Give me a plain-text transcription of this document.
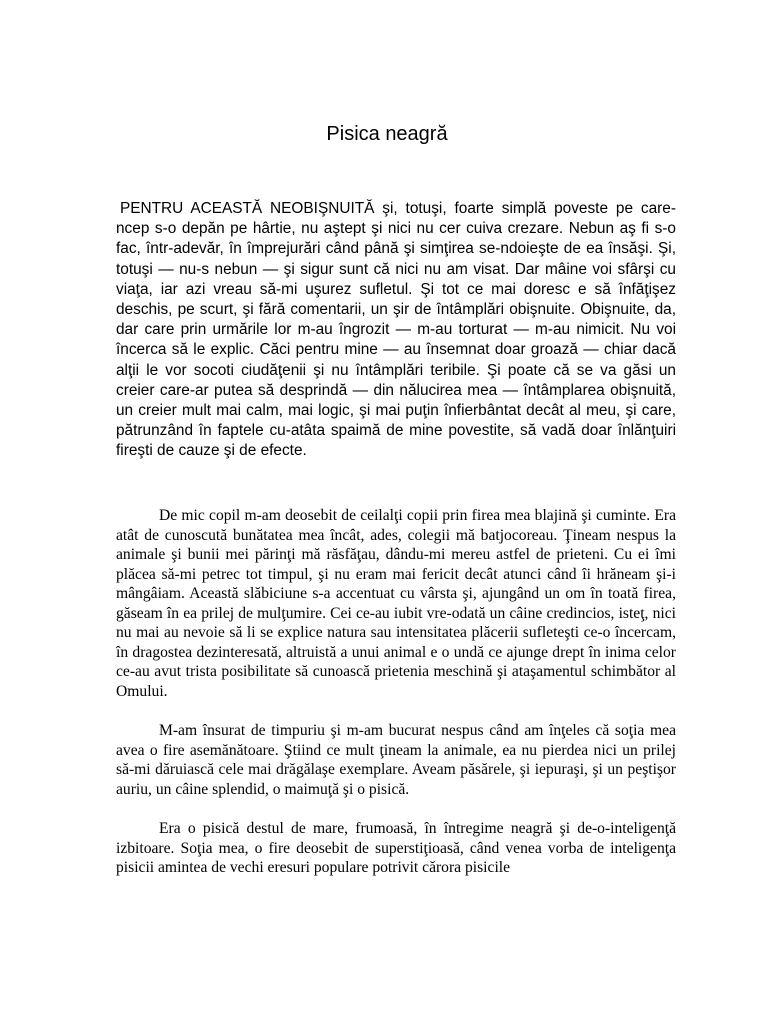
Pisica neagră
PENTRU ACEASTĂ NEOBIŞNUITĂ şi, totuşi, foarte simplă poveste pe care-ncep s-o depăn pe hârtie, nu aştept şi nici nu cer cuiva crezare. Nebun aş fi s-o fac, într-adevăr, în împrejurări când până şi simţirea se-ndoieşte de ea însăşi. Şi, totuşi — nu-s nebun — şi sigur sunt că nici nu am visat. Dar mâine voi sfârşi cu viaţa, iar azi vreau să-mi uşurez sufletul. Şi tot ce mai doresc e să înfăţişez deschis, pe scurt, şi fără comentarii, un şir de întâmplări obişnuite. Obişnuite, da, dar care prin urmările lor m-au îngrozit — m-au torturat — m-au nimicit. Nu voi încerca să le explic. Căci pentru mine — au însemnat doar groază — chiar dacă alţii le vor socoti ciudăţenii şi nu întâmplări teribile. Şi poate că se va găsi un creier care-ar putea să desprindă — din nălucirea mea — întâmplarea obişnuită, un creier mult mai calm, mai logic, şi mai puţin înfierbântat decât al meu, şi care, pătrunzând în faptele cu-atâta spaimă de mine povestite, să vadă doar înlănţuiri fireşti de cauze şi de efecte.
De mic copil m-am deosebit de ceilalţi copii prin firea mea blajină şi cuminte. Era atât de cunoscută bunătatea mea încât, ades, colegii mă batjocoreau. Ţineam nespus la animale şi bunii mei părinţi mă răsfăţau, dându-mi mereu astfel de prieteni. Cu ei îmi plăcea să-mi petrec tot timpul, şi nu eram mai fericit decât atunci când îi hrăneam şi-i mângâiam. Această slăbiciune s-a accentuat cu vârsta şi, ajungând un om în toată firea, găseam în ea prilej de mulţumire. Cei ce-au iubit vre-odată un câine credincios, isteţ, nici nu mai au nevoie să li se explice natura sau intensitatea plăcerii sufleteşti ce-o încercam, în dragostea dezinteresată, altruistă a unui animal e o undă ce ajunge drept în inima celor ce-au avut trista posibilitate să cunoască prietenia meschină şi ataşamentul schimbător al Omului.
M-am însurat de timpuriu şi m-am bucurat nespus când am înţeles că soţia mea avea o fire asemănătoare. Ştiind ce mult ţineam la animale, ea nu pierdea nici un prilej să-mi dăruiască cele mai drăgălaşe exemplare. Aveam păsărele, şi iepuraşi, şi un peştişor auriu, un câine splendid, o maimuţă şi o pisică.
Era o pisică destul de mare, frumoasă, în întregime neagră şi de-o-inteligenţă izbitoare. Soţia mea, o fire deosebit de superstiţioasă, când venea vorba de inteligenţa pisicii amintea de vechi eresuri populare potrivit cărora pisicile
